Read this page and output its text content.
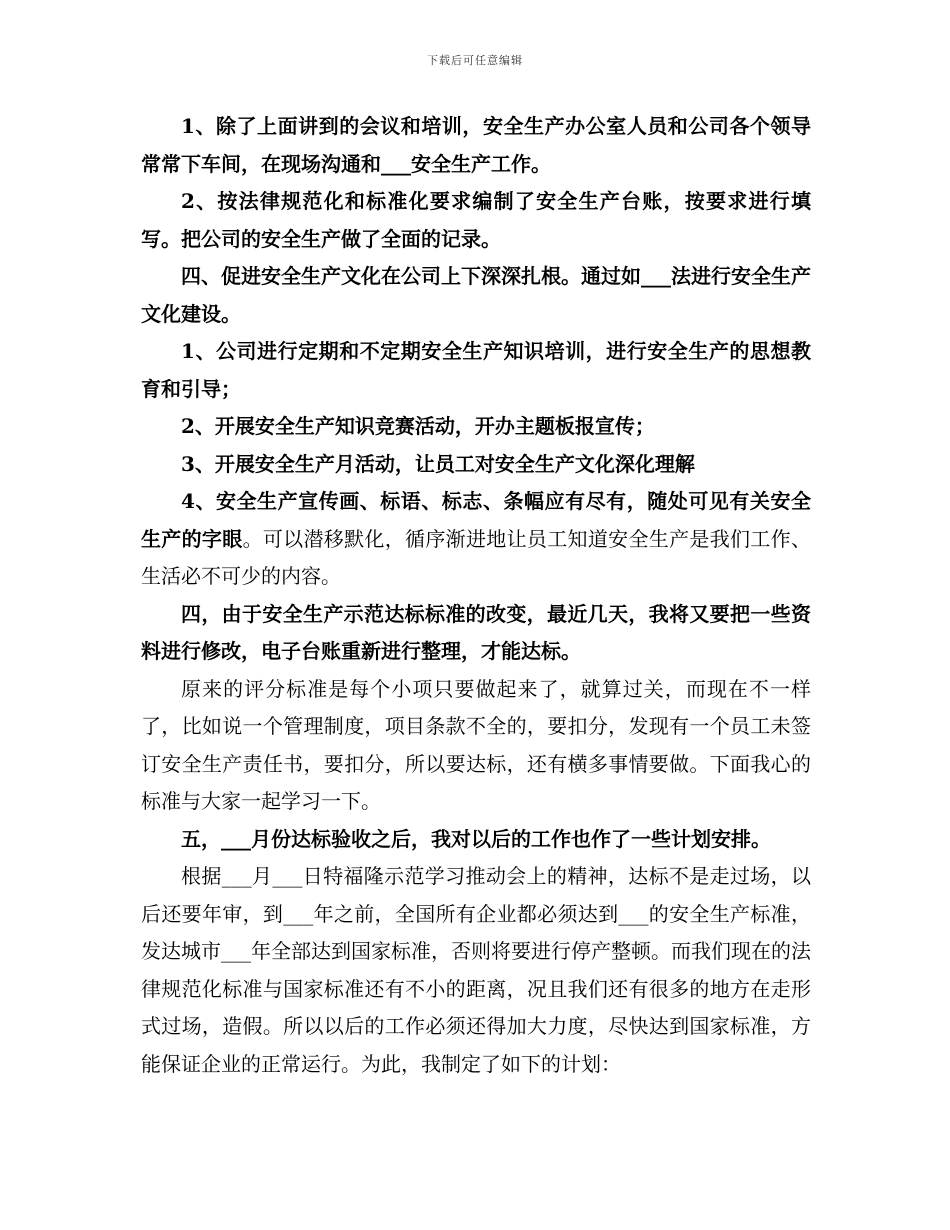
下载后可任意编辑

1、除了上面讲到的会议和培训，安全生产办公室人员和公司各个领导常常下车间，在现场沟通和___安全生产工作。

2、按法律规范化和标准化要求编制了安全生产台账，按要求进行填写。把公司的安全生产做了全面的记录。

四、促进安全生产文化在公司上下深深扎根。通过如___法进行安全生产文化建设。

1、公司进行定期和不定期安全生产知识培训，进行安全生产的思想教育和引导；

2、开展安全生产知识竞赛活动，开办主题板报宣传；

3、开展安全生产月活动，让员工对安全生产文化深化理解

4、安全生产宣传画、标语、标志、条幅应有尽有，随处可见有关安全生产的字眼。可以潜移默化，循序渐进地让员工知道安全生产是我们工作、生活必不可少的内容。

四，由于安全生产示范达标标准的改变，最近几天，我将又要把一些资料进行修改，电子台账重新进行整理，才能达标。

原来的评分标准是每个小项只要做起来了，就算过关，而现在不一样了，比如说一个管理制度，项目条款不全的，要扣分，发现有一个员工未签订安全生产责任书，要扣分，所以要达标，还有横多事情要做。下面我心的标准与大家一起学习一下。

五，___月份达标验收之后，我对以后的工作也作了一些计划安排。

根据___月___日特福隆示范学习推动会上的精神，达标不是走过场，以后还要年审，到___年之前，全国所有企业都必须达到___的安全生产标准，发达城市___年全部达到国家标准，否则将要进行停产整顿。而我们现在的法律规范化标准与国家标准还有不小的距离，况且我们还有很多的地方在走形式过场，造假。所以以后的工作必须还得加大力度，尽快达到国家标准，方能保证企业的正常运行。为此，我制定了如下的计划：
